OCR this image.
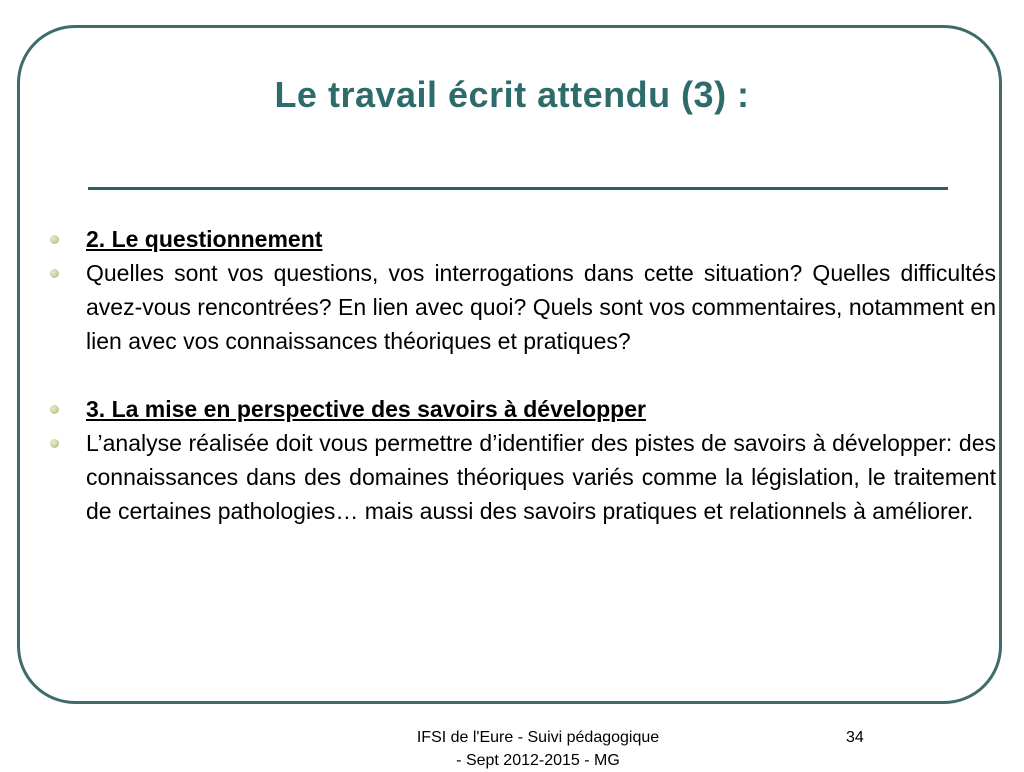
Le travail écrit attendu (3) :
2. Le questionnement
Quelles sont vos questions, vos interrogations dans cette situation? Quelles difficultés avez-vous rencontrées? En lien avec quoi? Quels sont vos commentaires, notamment en lien avec vos connaissances théoriques et pratiques?
3. La mise en perspective des savoirs à développer
L’analyse réalisée doit vous permettre d’identifier des pistes de savoirs à développer: des connaissances dans des domaines théoriques variés comme la législation, le traitement de certaines pathologies… mais aussi des savoirs pratiques et relationnels à améliorer.
IFSI de l'Eure - Suivi pédagogique
- Sept 2012-2015 - MG
34
